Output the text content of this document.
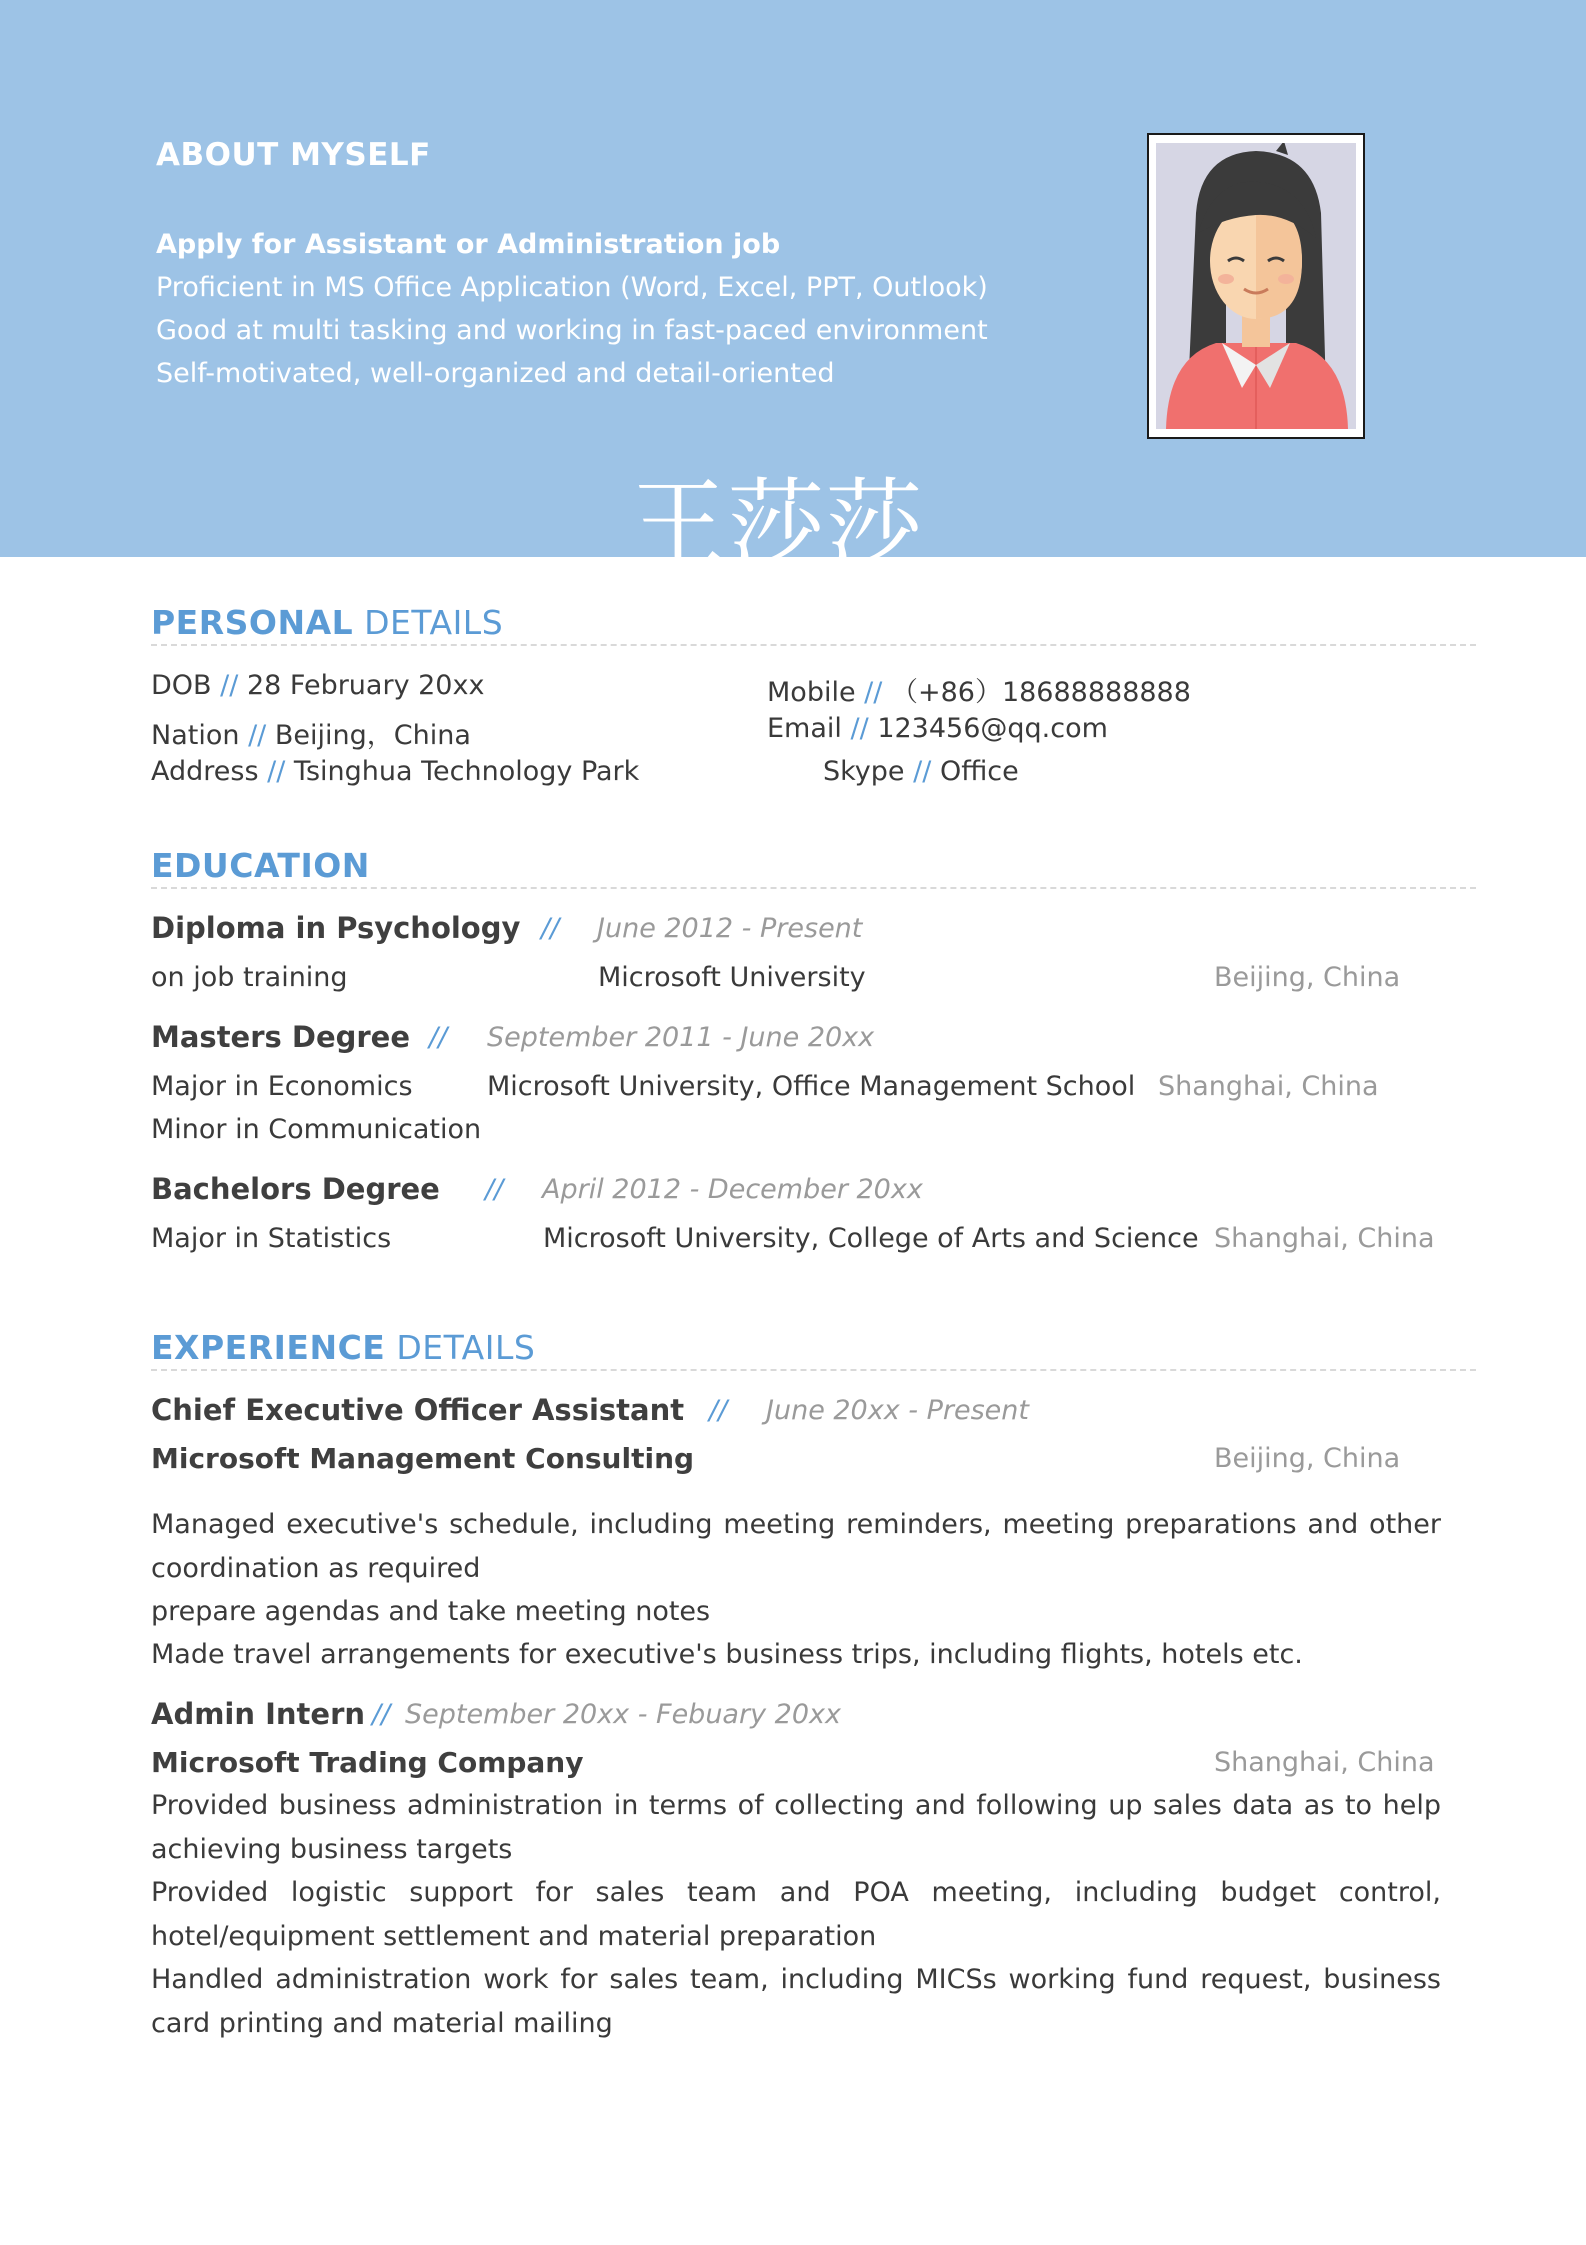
ABOUT MYSELF
Apply for Assistant or Administration job
Proficient in MS Office Application (Word, Excel, PPT, Outlook)
Good at multi tasking and working in fast-paced environment
Self-motivated, well-organized and detail-oriented
王莎莎
PERSONAL DETAILS
DOB // 28 February 20xx
Nation // Beijing，China
Address // Tsinghua Technology Park
Mobile // （+86）18688888888
Email // 123456@qq.com
Skype // Office
EDUCATION
Diploma in Psychology // June 2012 - Present
on job training	Microsoft University	Beijing, China
Masters Degree // September 2011 - June 20xx
Major in Economics	Microsoft University, Office Management School Shanghai, China
Minor in Communication
Bachelors Degree // April 2012 - December 20xx
Major in Statistics	Microsoft University, College of Arts and Science Shanghai, China
EXPERIENCE DETAILS
Chief Executive Officer Assistant // June 20xx - Present
Microsoft Management Consulting	Beijing, China
Managed executive's schedule, including meeting reminders, meeting preparations and other coordination as required
prepare agendas and take meeting notes
Made travel arrangements for executive's business trips, including flights, hotels etc.
Admin Intern // September 20xx - Febuary 20xx
Microsoft Trading Company	Shanghai, China
Provided business administration in terms of collecting and following up sales data as to help achieving business targets
Provided logistic support for sales team and POA meeting, including budget control, hotel/equipment settlement and material preparation
Handled administration work for sales team, including MICSs working fund request, business card printing and material mailing
